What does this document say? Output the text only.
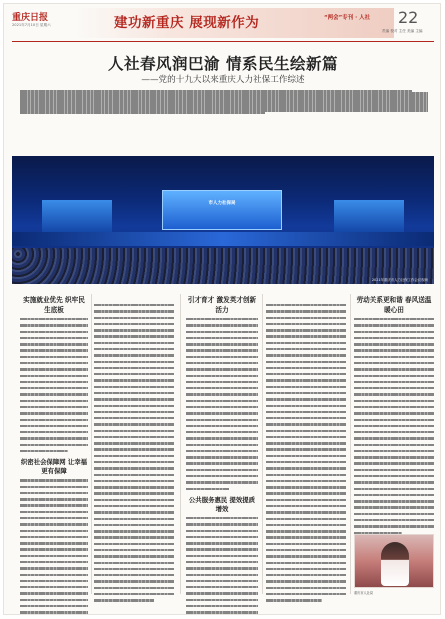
重庆日报
2021年7月10日 星期六	建功新重庆 展现新作为	“两会”专刊 · 人社 22
责编 校对 主任 美编 主编
人社春风润巴渝 情系民生绘新篇
——党的十九大以来重庆人力社保工作综述
市人力社保局
2021年重庆市人力社保工作会议现场
实施就业优先 织牢民生底板
织密社会保障网 让幸福更有保障
引才育才 激发英才创新活力
公共服务惠民 提效提质增效
劳动关系更和谐 春风送温暖心田
重庆市人社局
